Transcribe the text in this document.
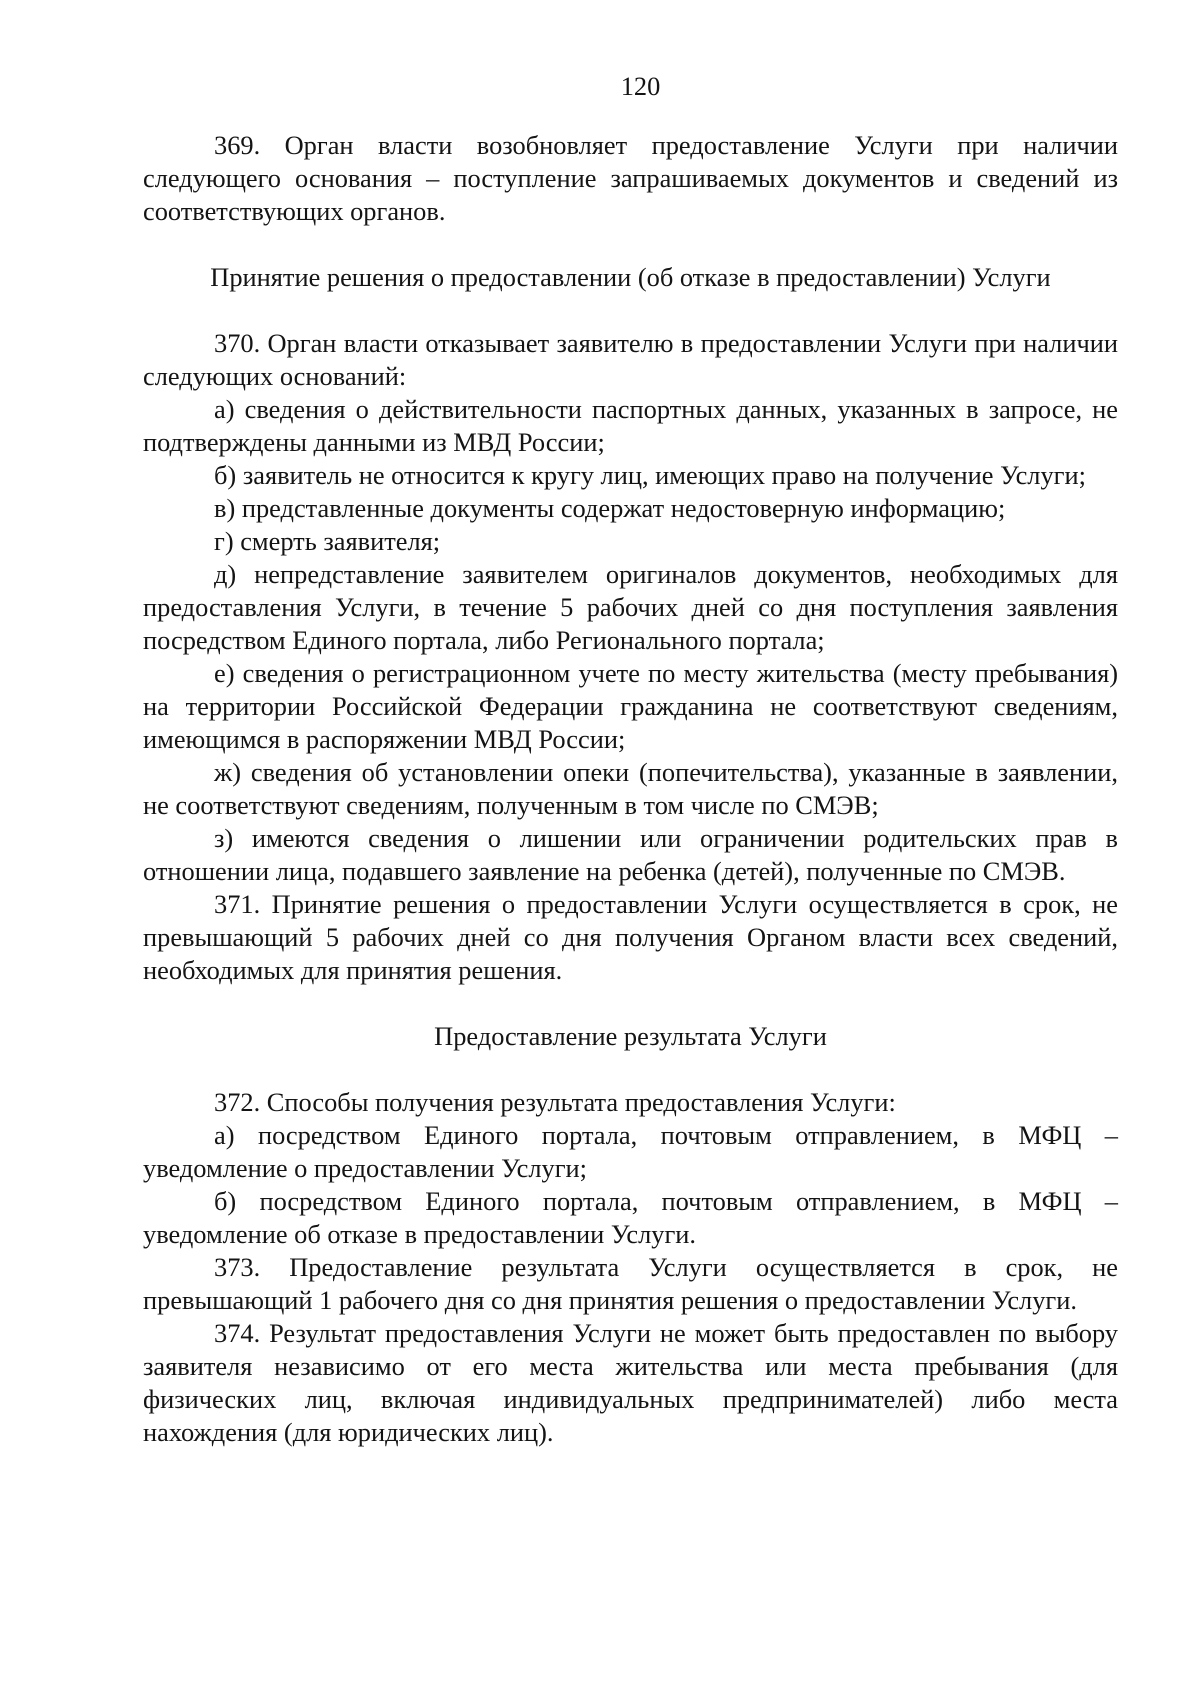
120

369. Орган власти возобновляет предоставление Услуги при наличии следующего основания – поступление запрашиваемых документов и сведений из соответствующих органов.

Принятие решения о предоставлении (об отказе в предоставлении) Услуги

370. Орган власти отказывает заявителю в предоставлении Услуги при наличии следующих оснований:

а) сведения о действительности паспортных данных, указанных в запросе, не подтверждены данными из МВД России;

б) заявитель не относится к кругу лиц, имеющих право на получение Услуги;

в) представленные документы содержат недостоверную информацию;

г) смерть заявителя;

д) непредставление заявителем оригиналов документов, необходимых для предоставления Услуги, в течение 5 рабочих дней со дня поступления заявления посредством Единого портала, либо Регионального портала;

е) сведения о регистрационном учете по месту жительства (месту пребывания) на территории Российской Федерации гражданина не соответствуют сведениям, имеющимся в распоряжении МВД России;

ж) сведения об установлении опеки (попечительства), указанные в заявлении, не соответствуют сведениям, полученным в том числе по СМЭВ;

з) имеются сведения о лишении или ограничении родительских прав в отношении лица, подавшего заявление на ребенка (детей), полученные по СМЭВ.

371. Принятие решения о предоставлении Услуги осуществляется в срок, не превышающий 5 рабочих дней со дня получения Органом власти всех сведений, необходимых для принятия решения.

Предоставление результата Услуги

372. Способы получения результата предоставления Услуги:

а) посредством Единого портала, почтовым отправлением, в МФЦ – уведомление о предоставлении Услуги;

б) посредством Единого портала, почтовым отправлением, в МФЦ – уведомление об отказе в предоставлении Услуги.

373. Предоставление результата Услуги осуществляется в срок, не превышающий 1 рабочего дня со дня принятия решения о предоставлении Услуги.

374. Результат предоставления Услуги не может быть предоставлен по выбору заявителя независимо от его места жительства или места пребывания (для физических лиц, включая индивидуальных предпринимателей) либо места нахождения (для юридических лиц).
